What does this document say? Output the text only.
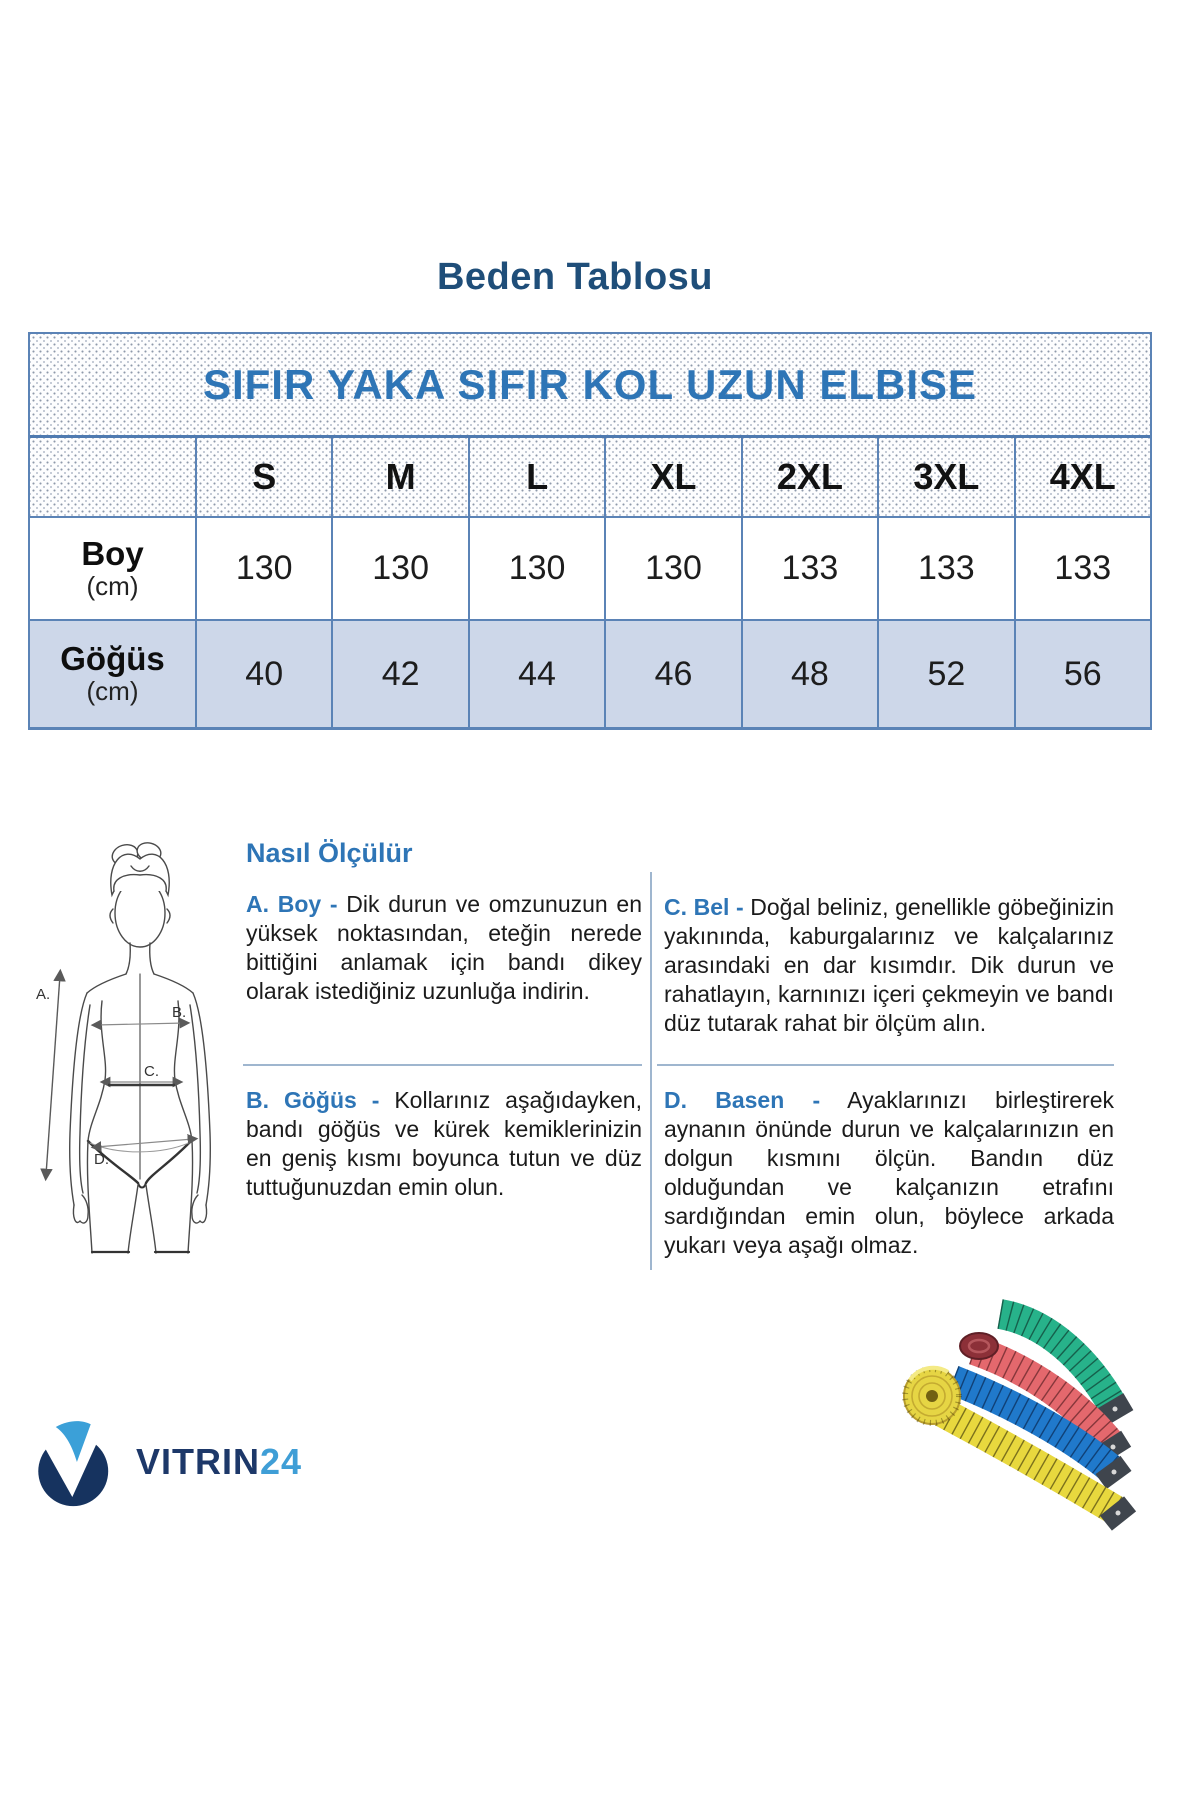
Beden Tablosu
SIFIR YAKA SIFIR KOL UZUN ELBISE
S	M	L	XL	2XL	3XL	4XL
Boy
(cm)	130	130	130	130	133	133	133
Göğüs
(cm)	40	42	44	46	48	52	56
Nasıl Ölçülür
A. Boy - Dik durun ve omzunuzun en yüksek noktasından, eteğin nerede bittiğini anlamak için bandı dikey olarak istediğiniz uzunluğa indirin.
B. Göğüs - Kollarınız aşağıdayken, bandı göğüs ve kürek kemiklerinizin en geniş kısmı boyunca tutun ve düz tuttuğunuzdan emin olun.
C. Bel - Doğal beliniz, genellikle göbeğinizin yakınında, kaburgalarınız ve kalçalarınız arasındaki en dar kısımdır. Dik durun ve rahatlayın, karnınızı içeri çekmeyin ve bandı düz tutarak rahat bir ölçüm alın.
D. Basen - Ayaklarınızı birleştirerek aynanın önünde durun ve kalçalarınızın en dolgun kısmını ölçün. Bandın düz olduğundan ve kalçanızın etrafını sardığından emin olun, böylece arkada yukarı veya aşağı olmaz.
A.
B.
C.
D.
VITRIN24
